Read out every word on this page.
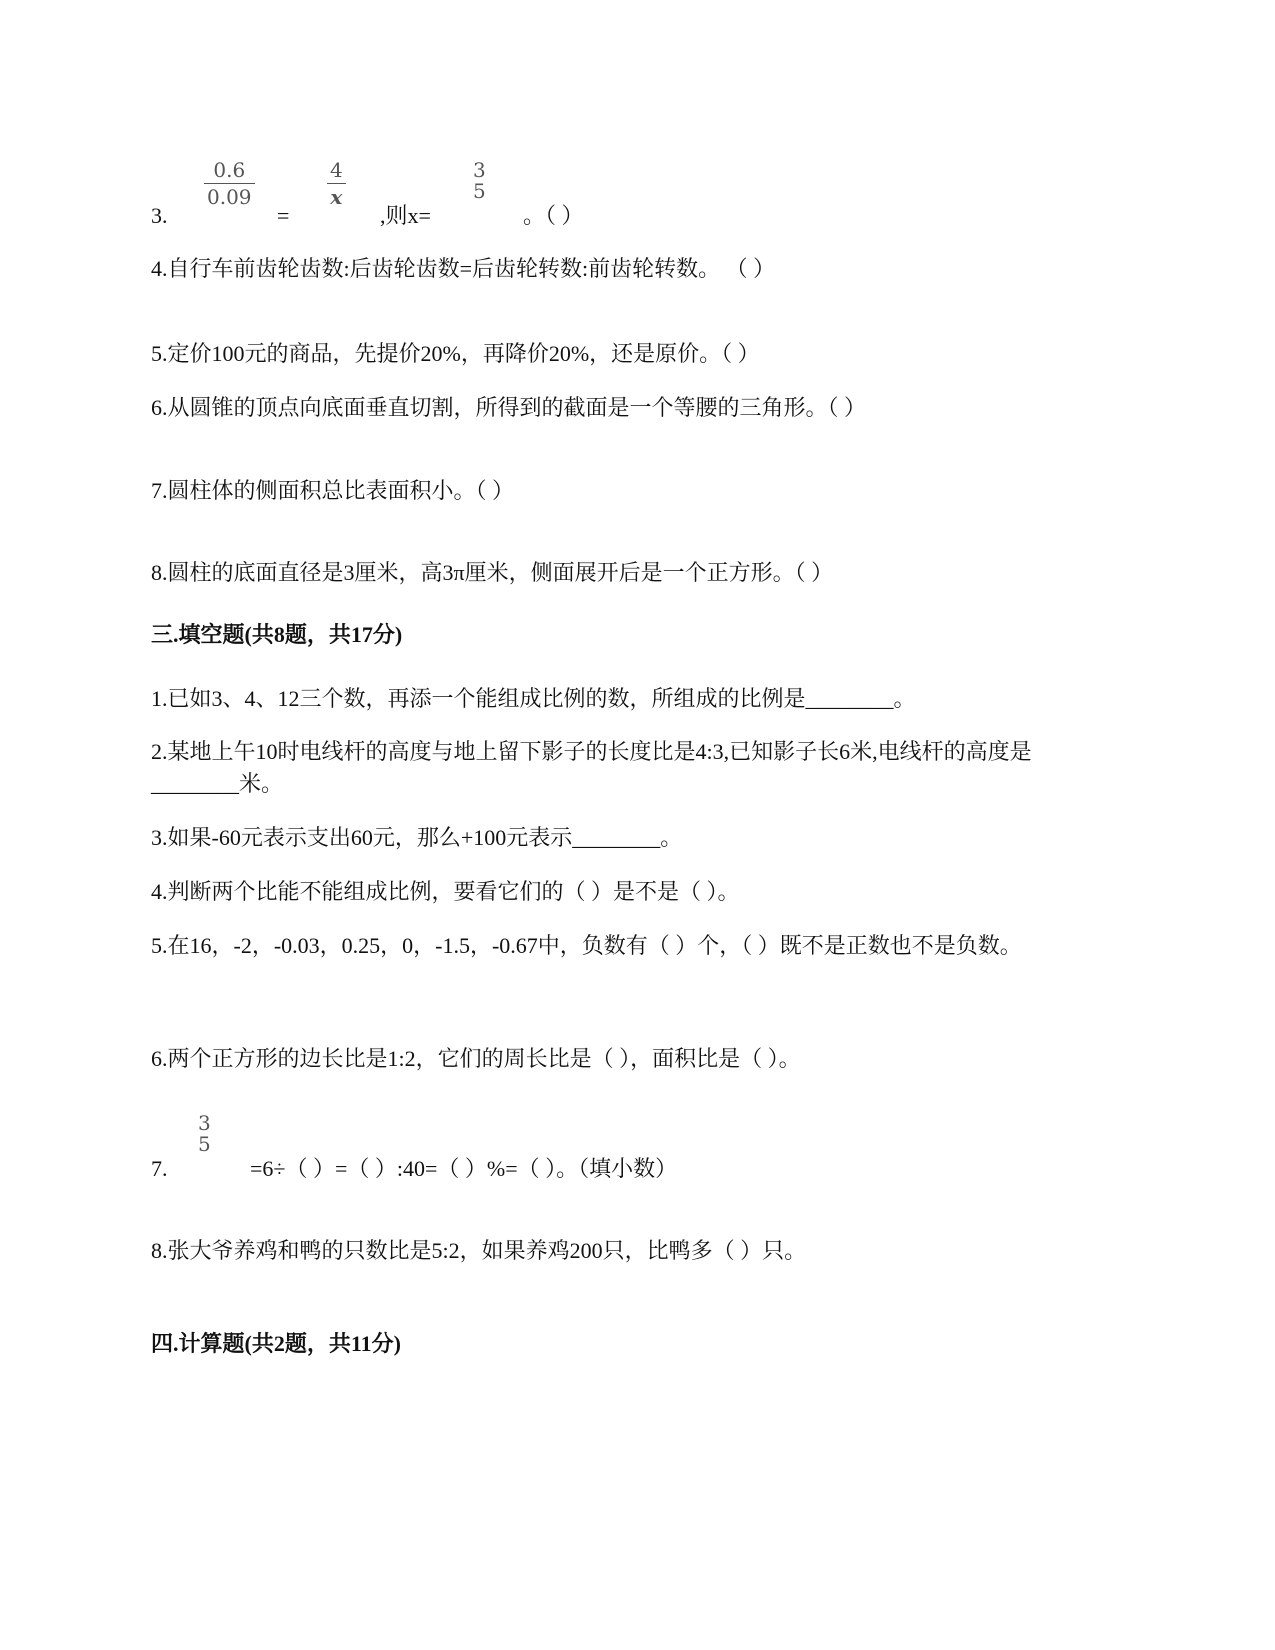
3.
0.6
0.09
=
4
x
,则x=
3
5
。（ ）
4.自行车前齿轮齿数:后齿轮齿数=后齿轮转数:前齿轮转数。 （ ）
5.定价100元的商品，先提价20%，再降价20%，还是原价。（ ）
6.从圆锥的顶点向底面垂直切割，所得到的截面是一个等腰的三角形。（ ）
7.圆柱体的侧面积总比表面积小。（ ）
8.圆柱的底面直径是3厘米，高3π厘米，侧面展开后是一个正方形。（ ）
三.填空题(共8题，共17分)
1.已如3、4、12三个数，再添一个能组成比例的数，所组成的比例是________。
2.某地上午10时电线杆的高度与地上留下影子的长度比是4:3,已知影子长6米,电线杆的高度是________米。
3.如果-60元表示支出60元，那么+100元表示________。
4.判断两个比能不能组成比例，要看它们的（ ）是不是（ ）。
5.在16，-2，-0.03，0.25，0，-1.5，-0.67中，负数有（ ）个，（ ）既不是正数也不是负数。
6.两个正方形的边长比是1:2，它们的周长比是（ ），面积比是（ ）。
7.
3
5
=6÷（ ）=（ ）:40=（ ）%=（ ）。（填小数）
8.张大爷养鸡和鸭的只数比是5:2，如果养鸡200只，比鸭多（ ）只。
四.计算题(共2题，共11分)
